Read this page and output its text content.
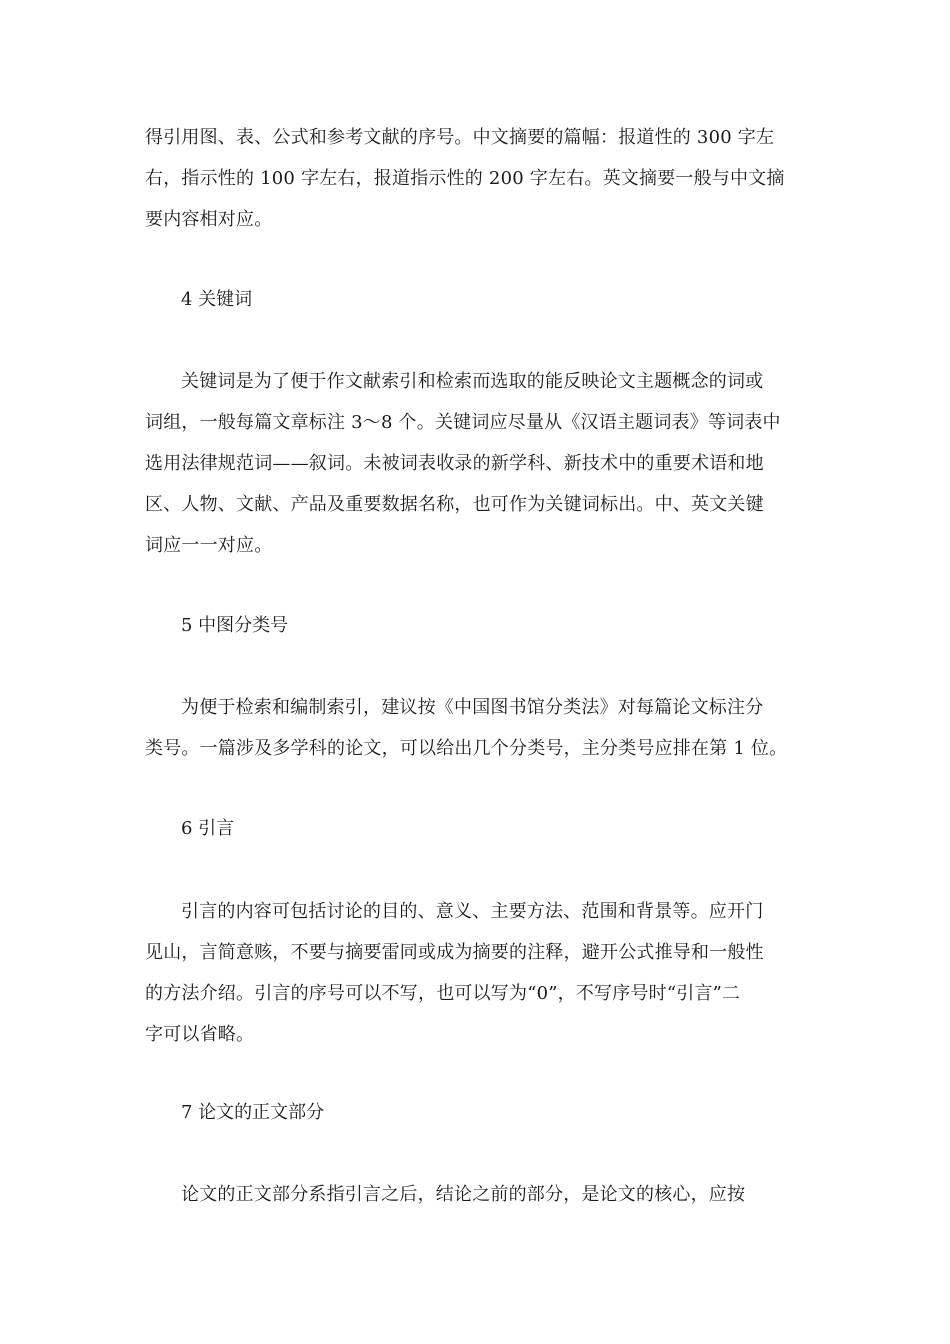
得引用图、表、公式和参考文献的序号。中文摘要的篇幅：报道性的 300 字左
右，指示性的 100 字左右，报道指示性的 200 字左右。英文摘要一般与中文摘
要内容相对应。

4 关键词

关键词是为了便于作文献索引和检索而选取的能反映论文主题概念的词或
词组，一般每篇文章标注 3～8 个。关键词应尽量从《汉语主题词表》等词表中
选用法律规范词——叙词。未被词表收录的新学科、新技术中的重要术语和地
区、人物、文献、产品及重要数据名称，也可作为关键词标出。中、英文关键
词应一一对应。

5 中图分类号

为便于检索和编制索引，建议按《中国图书馆分类法》对每篇论文标注分
类号。一篇涉及多学科的论文，可以给出几个分类号，主分类号应排在第 1 位。

6 引言

引言的内容可包括讨论的目的、意义、主要方法、范围和背景等。应开门
见山，言简意赅，不要与摘要雷同或成为摘要的注释，避开公式推导和一般性
的方法介绍。引言的序号可以不写，也可以写为“0”，不写序号时“引言”二
字可以省略。

7 论文的正文部分

论文的正文部分系指引言之后，结论之前的部分，是论文的核心，应按
